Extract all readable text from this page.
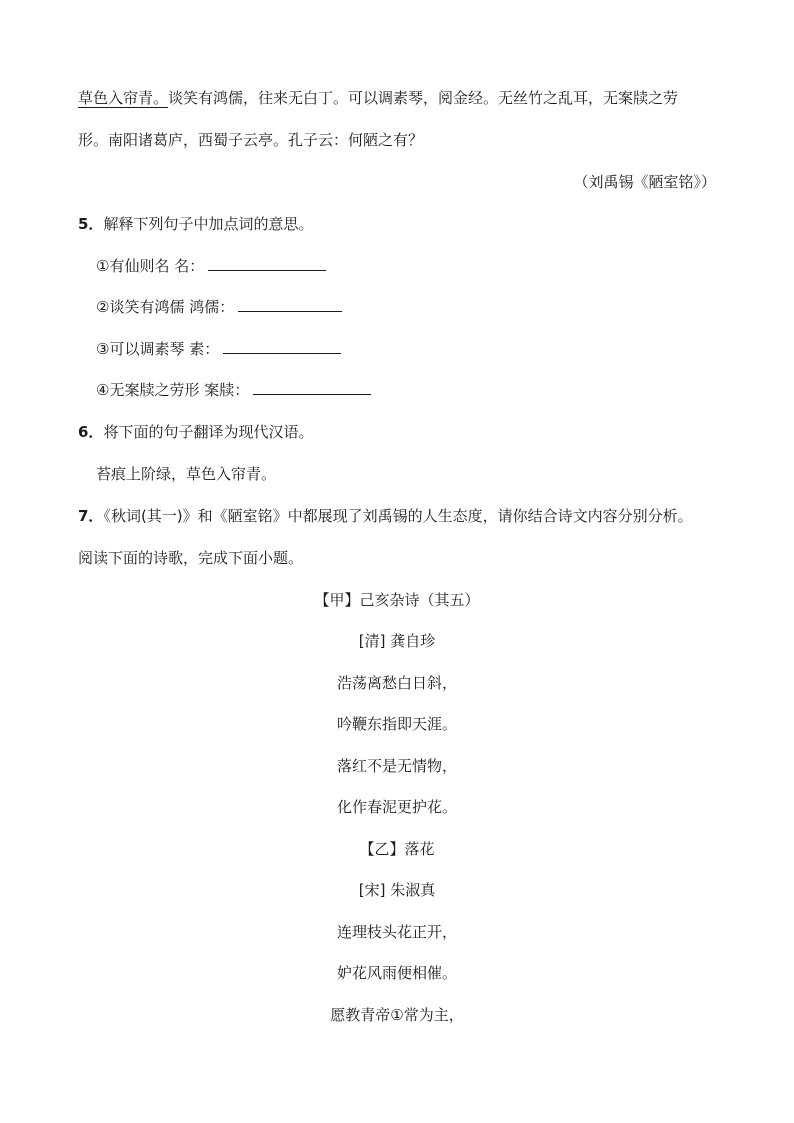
草色入帘青。谈笑有鸿儒，往来无白丁。可以调素琴，阅金经。无丝竹之乱耳，无案牍之劳
形。南阳诸葛庐，西蜀子云亭。孔子云：何陋之有？
（刘禹锡《陋室铭》）
5．解释下列句子中加点词的意思。
①有仙则名 名：
②谈笑有鸿儒 鸿儒：
③可以调素琴 素：
④无案牍之劳形 案牍：
6．将下面的句子翻译为现代汉语。
苔痕上阶绿，草色入帘青。
7．《秋词(其一)》和《陋室铭》中都展现了刘禹锡的人生态度，请你结合诗文内容分别分析。
阅读下面的诗歌，完成下面小题。
【甲】己亥杂诗（其五）
[清] 龚自珍
浩荡离愁白日斜，
吟鞭东指即天涯。
落红不是无情物，
化作春泥更护花。
【乙】落花
[宋] 朱淑真
连理枝头花正开，
妒花风雨便相催。
愿教青帝①常为主，
